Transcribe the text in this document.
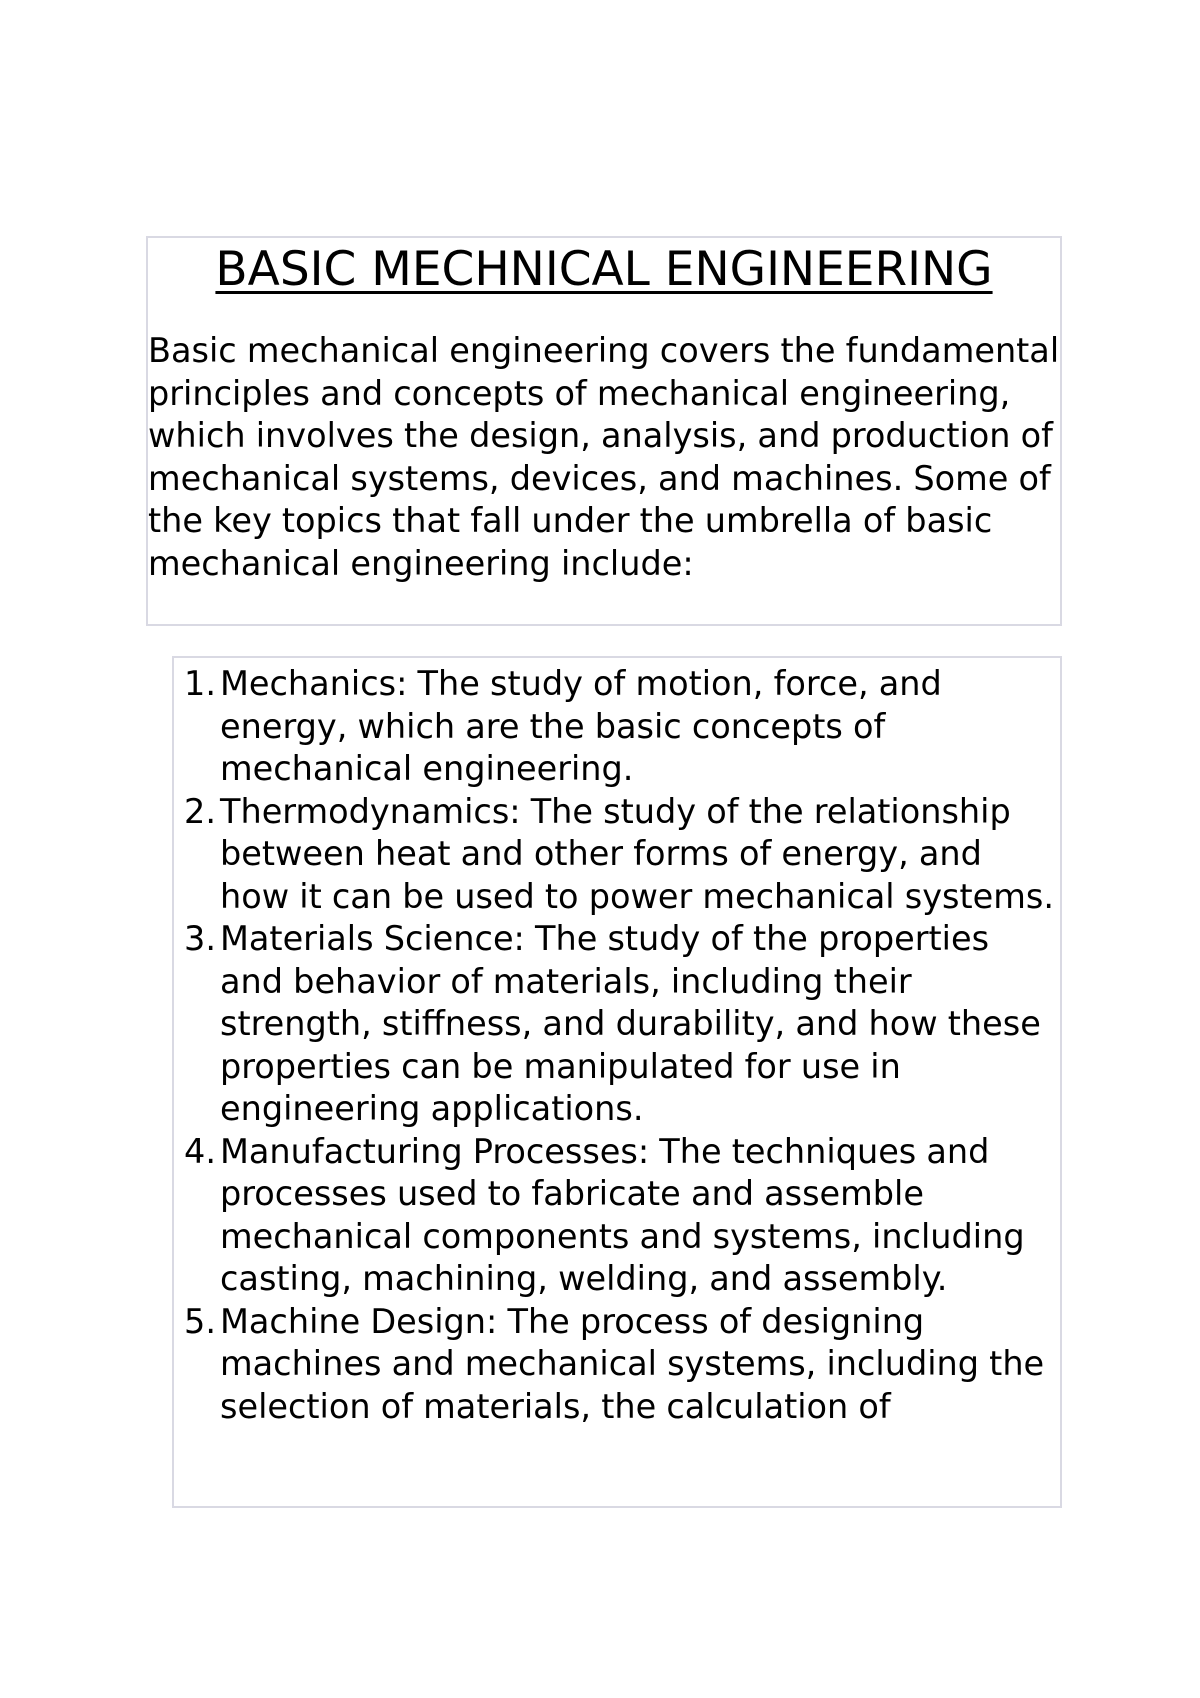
BASIC MECHNICAL ENGINEERING

Basic mechanical engineering covers the fundamental principles and concepts of mechanical engineering, which involves the design, analysis, and production of mechanical systems, devices, and machines. Some of the key topics that fall under the umbrella of basic mechanical engineering include:

1. Mechanics: The study of motion, force, and energy, which are the basic concepts of mechanical engineering.
2. Thermodynamics: The study of the relationship between heat and other forms of energy, and how it can be used to power mechanical systems.
3. Materials Science: The study of the properties and behavior of materials, including their strength, stiffness, and durability, and how these properties can be manipulated for use in engineering applications.
4. Manufacturing Processes: The techniques and processes used to fabricate and assemble mechanical components and systems, including casting, machining, welding, and assembly.
5. Machine Design: The process of designing machines and mechanical systems, including the selection of materials, the calculation of
